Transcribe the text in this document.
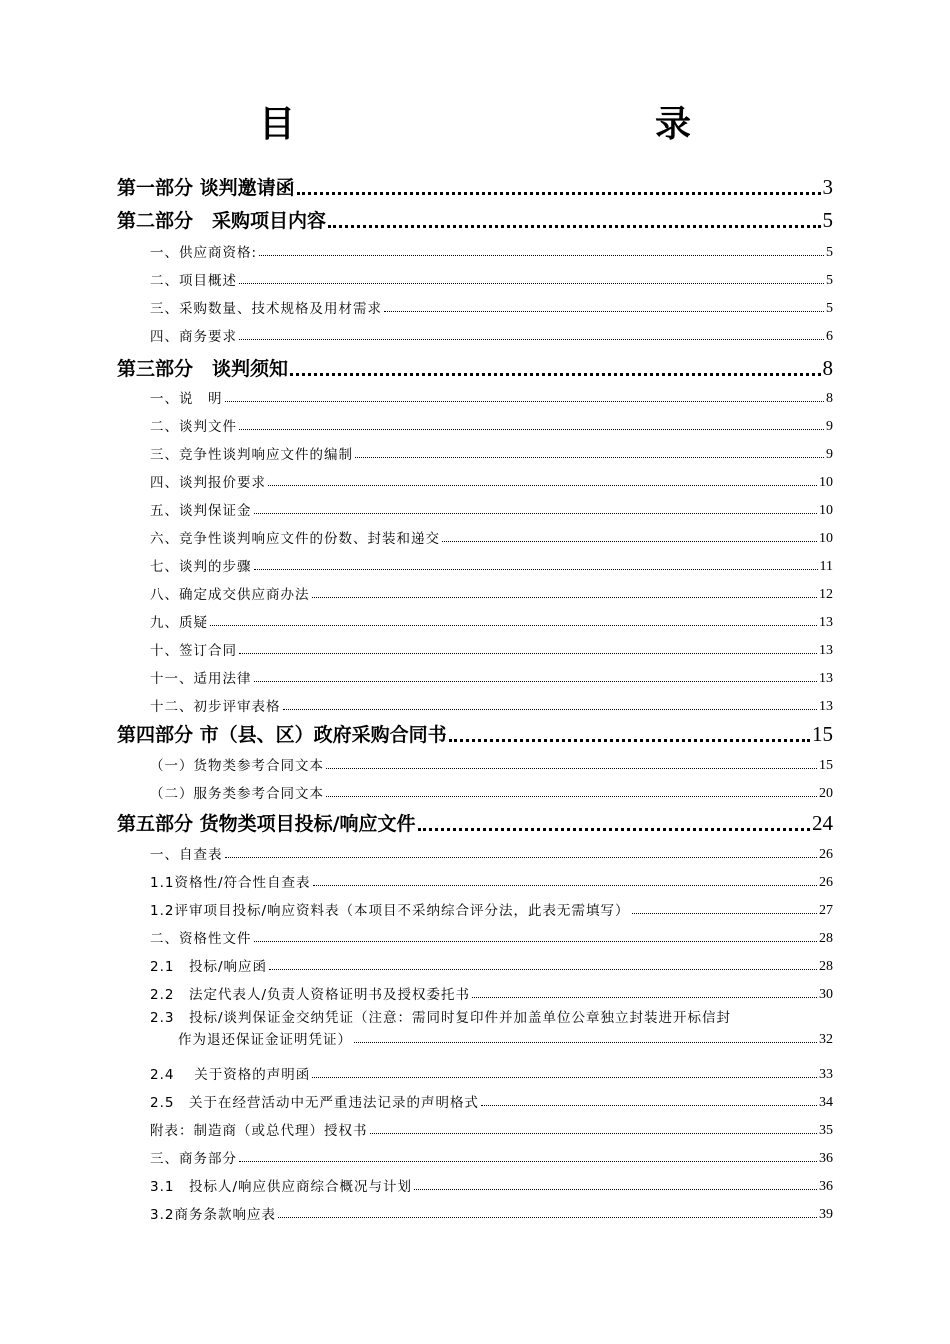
目　　录
第一部分 谈判邀请函	3
第二部分　采购项目内容	5
一、供应商资格:	5
二、项目概述	5
三、采购数量、技术规格及用材需求	5
四、商务要求	6
第三部分　谈判须知	8
一、说　明	8
二、谈判文件	9
三、竞争性谈判响应文件的编制	9
四、谈判报价要求	10
五、谈判保证金	10
六、竞争性谈判响应文件的份数、封装和递交	10
七、谈判的步骤	11
八、确定成交供应商办法	12
九、质疑	13
十、签订合同	13
十一、适用法律	13
十二、初步评审表格	13
第四部分 市（县、区）政府采购合同书	15
（一）货物类参考合同文本	15
（二）服务类参考合同文本	20
第五部分 货物类项目投标/响应文件	24
一、自查表	26
1.1资格性/符合性自查表	26
1.2评审项目投标/响应资料表（本项目不采纳综合评分法，此表无需填写）	27
二、资格性文件	28
2.1　投标/响应函	28
2.2　法定代表人/负责人资格证明书及授权委托书	30
2.3　投标/谈判保证金交纳凭证（注意：需同时复印件并加盖单位公章独立封装进开标信封
作为退还保证金证明凭证）	32
2.4　 关于资格的声明函	33
2.5　关于在经营活动中无严重违法记录的声明格式	34
附表：制造商（或总代理）授权书	35
三、商务部分	36
3.1　投标人/响应供应商综合概况与计划	36
3.2商务条款响应表	39
